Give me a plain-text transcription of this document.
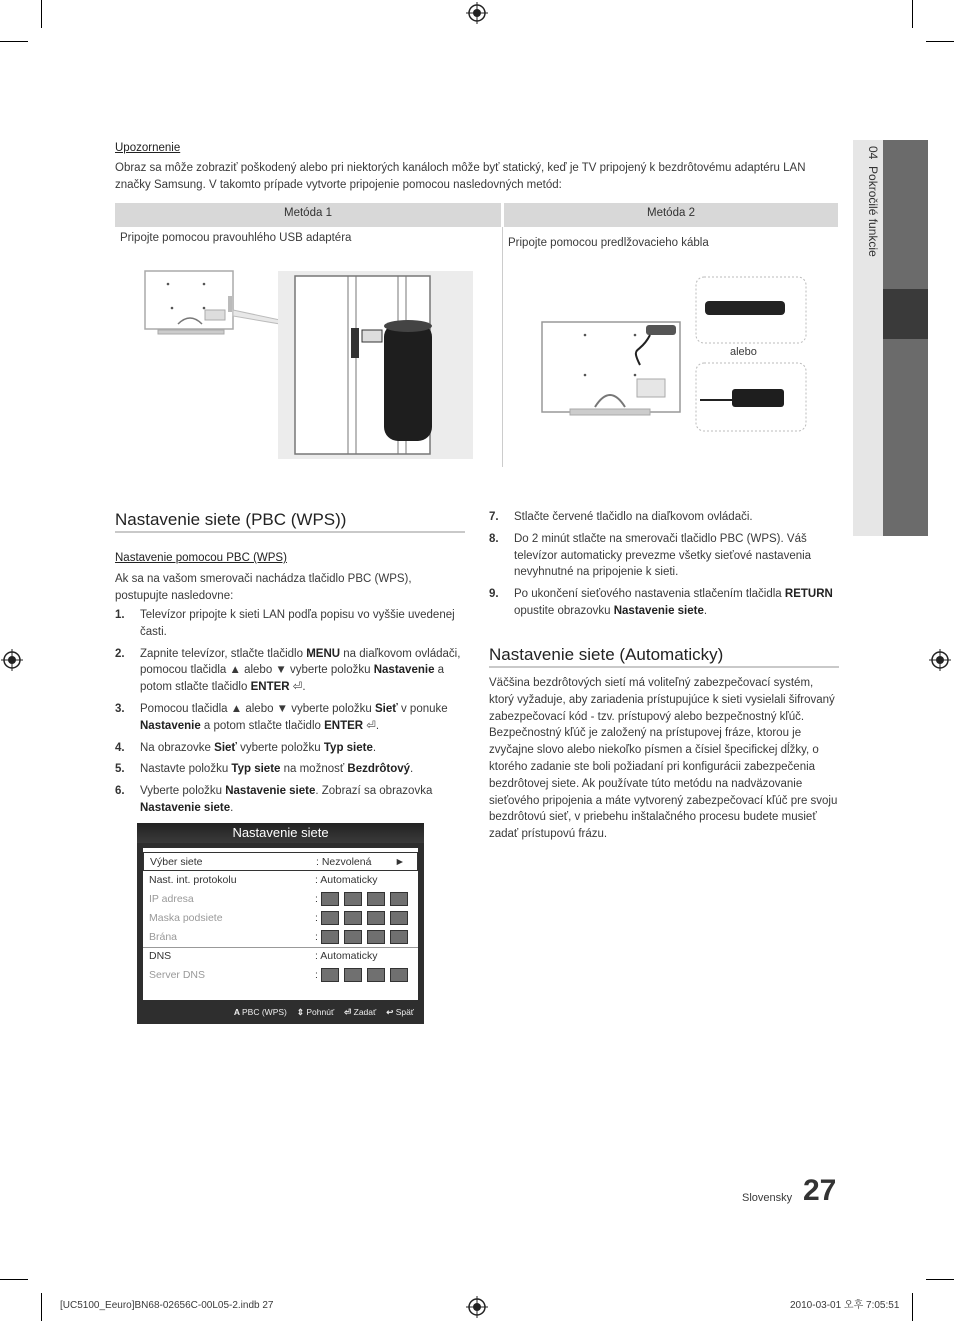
04  Pokročilé funkcie
Upozornenie
Obraz sa môže zobraziť poškodený alebo pri niektorých kanáloch môže byť statický, keď je TV pripojený k bezdrôtovému adaptéru LAN značky Samsung. V takomto prípade vytvorte pripojenie pomocou nasledovných metód:
Metóda 1	Metóda 2
Pripojte pomocou pravouhlého USB adaptéra	Pripojte pomocou predlžovacieho kábla
alebo
Nastavenie siete (PBC (WPS))
Nastavenie pomocou PBC (WPS)
Ak sa na vašom smerovači nachádza tlačidlo PBC (WPS), postupujte nasledovne:
1. Televízor pripojte k sieti LAN podľa popisu vo vyššie uvedenej časti.
2. Zapnite televízor, stlačte tlačidlo MENU na diaľkovom ovládači, pomocou tlačidla ▲ alebo ▼ vyberte položku Nastavenie a potom stlačte tlačidlo ENTER ⏎.
3. Pomocou tlačidla ▲ alebo ▼ vyberte položku Sieť v ponuke Nastavenie a potom stlačte tlačidlo ENTER ⏎.
4. Na obrazovke Sieť vyberte položku Typ siete.
5. Nastavte položku Typ siete na možnosť Bezdrôtový.
6. Vyberte položku Nastavenie siete. Zobrazí sa obrazovka Nastavenie siete.
Nastavenie siete
Výber siete	: Nezvolená ►
Nast. int. protokolu	: Automaticky
IP adresa	:
Maska podsiete	:
Brána	:
DNS	: Automaticky
Server DNS	:
A PBC (WPS) ⇕ Pohnúť ⏎ Zadať ↩ Späť
7. Stlačte červené tlačidlo na diaľkovom ovládači.
8. Do 2 minút stlačte na smerovači tlačidlo PBC (WPS). Váš televízor automaticky prevezme všetky sieťové nastavenia nevyhnutné na pripojenie k sieti.
9. Po ukončení sieťového nastavenia stlačením tlačidla RETURN opustite obrazovku Nastavenie siete.
Nastavenie siete (Automaticky)
Väčšina bezdrôtových sietí má voliteľný zabezpečovací systém, ktorý vyžaduje, aby zariadenia prístupujúce k sieti vysielali šifrovaný zabezpečovací kód - tzv. prístupový alebo bezpečnostný kľúč. Bezpečnostný kľúč je založený na prístupovej fráze, ktorou je zvyčajne slovo alebo niekoľko písmen a čísiel špecifickej dĺžky, o ktorého zadanie ste boli požiadaní pri konfigurácii zabezpečenia bezdrôtovej siete. Ak používate túto metódu na nadväzovanie sieťového pripojenia a máte vytvorený zabezpečovací kľúč pre svoju bezdrôtovú sieť, v priebehu inštalačného procesu budete musieť zadať prístupovú frázu.
Slovensky 27
[UC5100_Eeuro]BN68-02656C-00L05-2.indb 27	2010-03-01 오후 7:05:51
